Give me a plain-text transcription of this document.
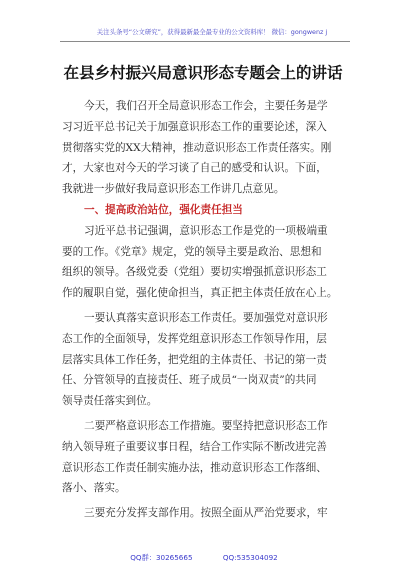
关注头条号“公文研究”，获得最新最全最专业的公文资料库！ 微信：gongwenz j
在县乡村振兴局意识形态专题会上的讲话
今天，我们召开全局意识形态工作会，主要任务是学
习习近平总书记关于加强意识形态工作的重要论述，深入
贯彻落实党的XX大精神，推动意识形态工作责任落实。刚
才，大家也对今天的学习谈了自己的感受和认识。下面，
我就进一步做好我局意识形态工作讲几点意见。
一、提高政治站位，强化责任担当
习近平总书记强调，意识形态工作是党的一项极端重
要的工作。《党章》规定，党的领导主要是政治、思想和
组织的领导。各级党委（党组）要切实增强抓意识形态工
作的履职自觉，强化使命担当，真正把主体责任放在心上。
一要认真落实意识形态工作责任。要加强党对意识形
态工作的全面领导，发挥党组意识形态工作领导作用，层
层落实具体工作任务，把党组的主体责任、书记的第一责
任、分管领导的直接责任、班子成员“一岗双责”的共同
领导责任落实到位。
二要严格意识形态工作措施。要坚持把意识形态工作
纳入领导班子重要议事日程，结合工作实际不断改进完善
意识形态工作责任制实施办法，推动意识形态工作落细、
落小、落实。
三要充分发挥支部作用。按照全面从严治党要求，牢
QQ群：30265665	QQ:535304092
